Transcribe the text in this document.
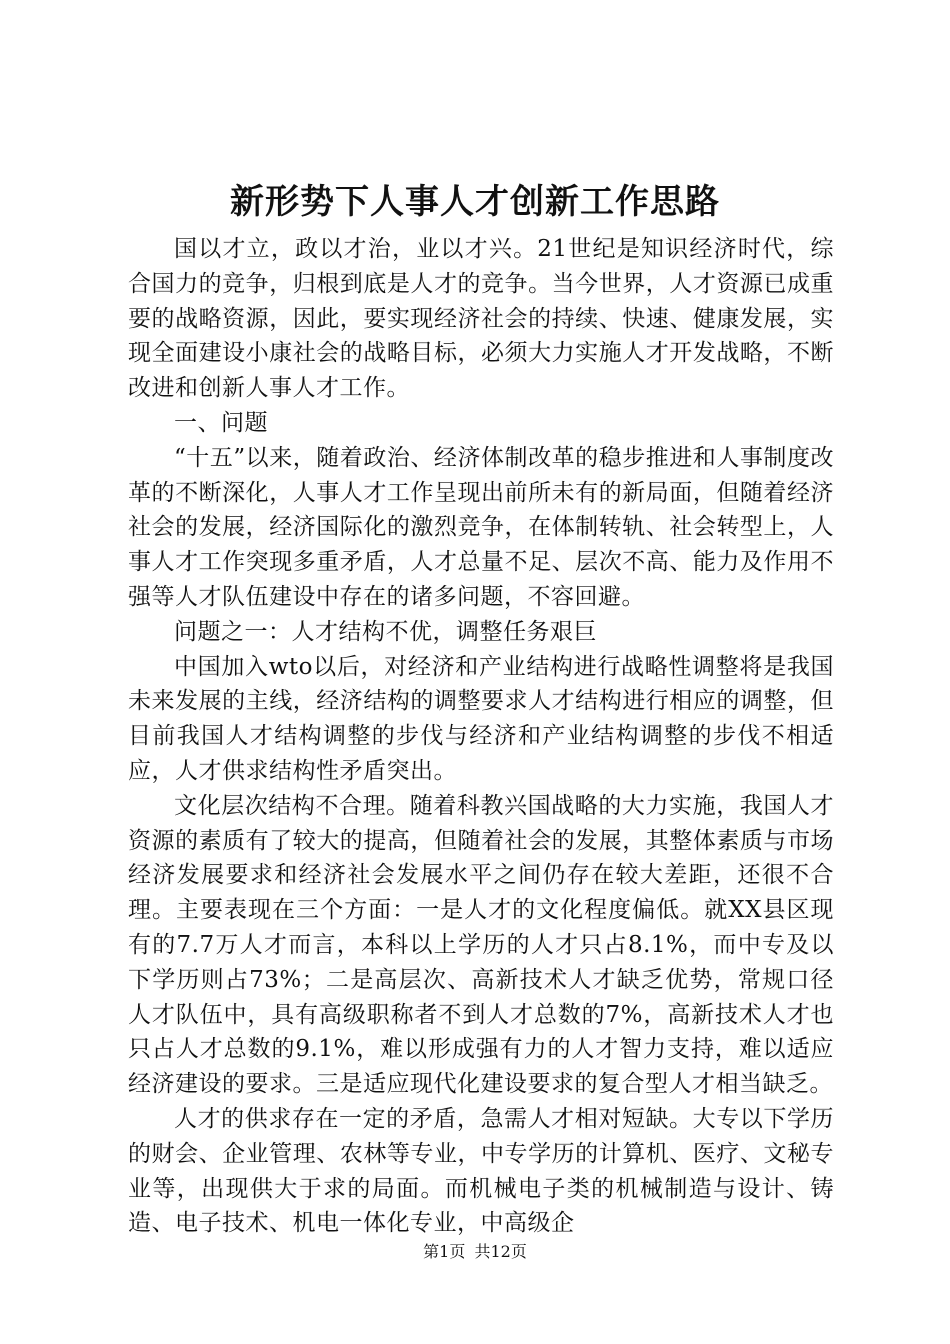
新形势下人事人才创新工作思路

国以才立，政以才治，业以才兴。21世纪是知识经济时代，综合国力的竞争，归根到底是人才的竞争。当今世界，人才资源已成重要的战略资源，因此，要实现经济社会的持续、快速、健康发展，实现全面建设小康社会的战略目标，必须大力实施人才开发战略，不断改进和创新人事人才工作。

一、问题

“十五”以来，随着政治、经济体制改革的稳步推进和人事制度改革的不断深化，人事人才工作呈现出前所未有的新局面，但随着经济社会的发展，经济国际化的激烈竞争，在体制转轨、社会转型上，人事人才工作突现多重矛盾，人才总量不足、层次不高、能力及作用不强等人才队伍建设中存在的诸多问题，不容回避。

问题之一：人才结构不优，调整任务艰巨

中国加入wto以后，对经济和产业结构进行战略性调整将是我国未来发展的主线，经济结构的调整要求人才结构进行相应的调整，但目前我国人才结构调整的步伐与经济和产业结构调整的步伐不相适应，人才供求结构性矛盾突出。

文化层次结构不合理。随着科教兴国战略的大力实施，我国人才资源的素质有了较大的提高，但随着社会的发展，其整体素质与市场经济发展要求和经济社会发展水平之间仍存在较大差距，还很不合理。主要表现在三个方面：一是人才的文化程度偏低。就XX县区现有的7.7万人才而言，本科以上学历的人才只占8.1%，而中专及以下学历则占73%；二是高层次、高新技术人才缺乏优势，常规口径人才队伍中，具有高级职称者不到人才总数的7%，高新技术人才也只占人才总数的9.1%，难以形成强有力的人才智力支持，难以适应经济建设的要求。三是适应现代化建设要求的复合型人才相当缺乏。

人才的供求存在一定的矛盾，急需人才相对短缺。大专以下学历的财会、企业管理、农林等专业，中专学历的计算机、医疗、文秘专业等，出现供大于求的局面。而机械电子类的机械制造与设计、铸造、电子技术、机电一体化专业，中高级企

第1页 共12页
